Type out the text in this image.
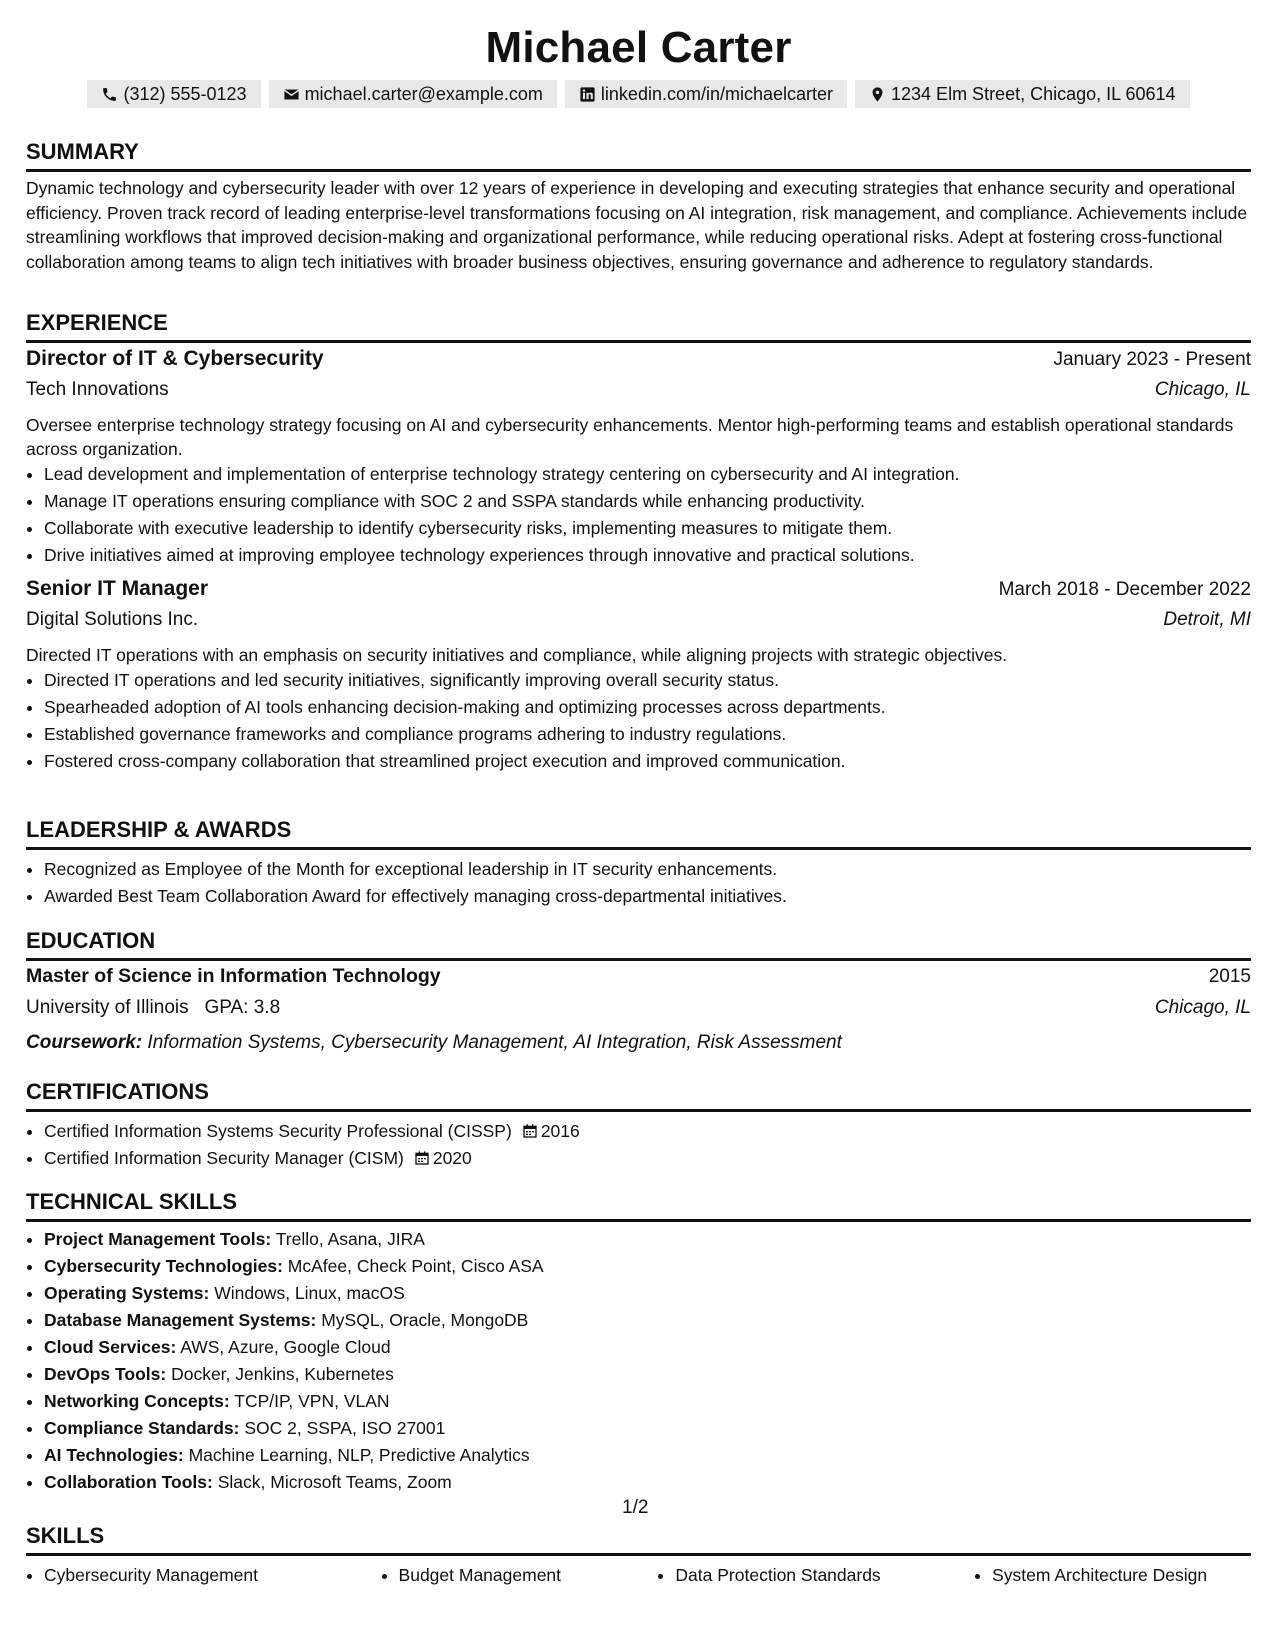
Michael Carter
(312) 555-0123	michael.carter@example.com	linkedin.com/in/michaelcarter	1234 Elm Street, Chicago, IL 60614
SUMMARY

Dynamic technology and cybersecurity leader with over 12 years of experience in developing and executing strategies that enhance security and operational efficiency. Proven track record of leading enterprise-level transformations focusing on AI integration, risk management, and compliance. Achievements include streamlining workflows that improved decision-making and organizational performance, while reducing operational risks. Adept at fostering cross-functional collaboration among teams to align tech initiatives with broader business objectives, ensuring governance and adherence to regulatory standards.

EXPERIENCE
Director of IT & Cybersecurity	January 2023 - Present
Tech Innovations	Chicago, IL

Oversee enterprise technology strategy focusing on AI and cybersecurity enhancements. Mentor high-performing teams and establish operational standards across organization.

• Lead development and implementation of enterprise technology strategy centering on cybersecurity and AI integration.
• Manage IT operations ensuring compliance with SOC 2 and SSPA standards while enhancing productivity.
• Collaborate with executive leadership to identify cybersecurity risks, implementing measures to mitigate them.
• Drive initiatives aimed at improving employee technology experiences through innovative and practical solutions.
Senior IT Manager	March 2018 - December 2022
Digital Solutions Inc.	Detroit, MI

Directed IT operations with an emphasis on security initiatives and compliance, while aligning projects with strategic objectives.

• Directed IT operations and led security initiatives, significantly improving overall security status.
• Spearheaded adoption of AI tools enhancing decision-making and optimizing processes across departments.
• Established governance frameworks and compliance programs adhering to industry regulations.
• Fostered cross-company collaboration that streamlined project execution and improved communication.
LEADERSHIP & AWARDS
• Recognized as Employee of the Month for exceptional leadership in IT security enhancements.
• Awarded Best Team Collaboration Award for effectively managing cross-departmental initiatives.
EDUCATION
Master of Science in Information Technology	2015
University of Illinois GPA: 3.8	Chicago, IL
Coursework: Information Systems, Cybersecurity Management, AI Integration, Risk Assessment
CERTIFICATIONS
• Certified Information Systems Security Professional (CISSP) 2016
• Certified Information Security Manager (CISM) 2020
TECHNICAL SKILLS
• Project Management Tools: Trello, Asana, JIRA
• Cybersecurity Technologies: McAfee, Check Point, Cisco ASA
• Operating Systems: Windows, Linux, macOS
• Database Management Systems: MySQL, Oracle, MongoDB
• Cloud Services: AWS, Azure, Google Cloud
• DevOps Tools: Docker, Jenkins, Kubernetes
• Networking Concepts: TCP/IP, VPN, VLAN
• Compliance Standards: SOC 2, SSPA, ISO 27001
• AI Technologies: Machine Learning, NLP, Predictive Analytics
• Collaboration Tools: Slack, Microsoft Teams, Zoom
SKILLS
• Cybersecurity Management	• Budget Management	• Data Protection Standards	• System Architecture Design
1/2
